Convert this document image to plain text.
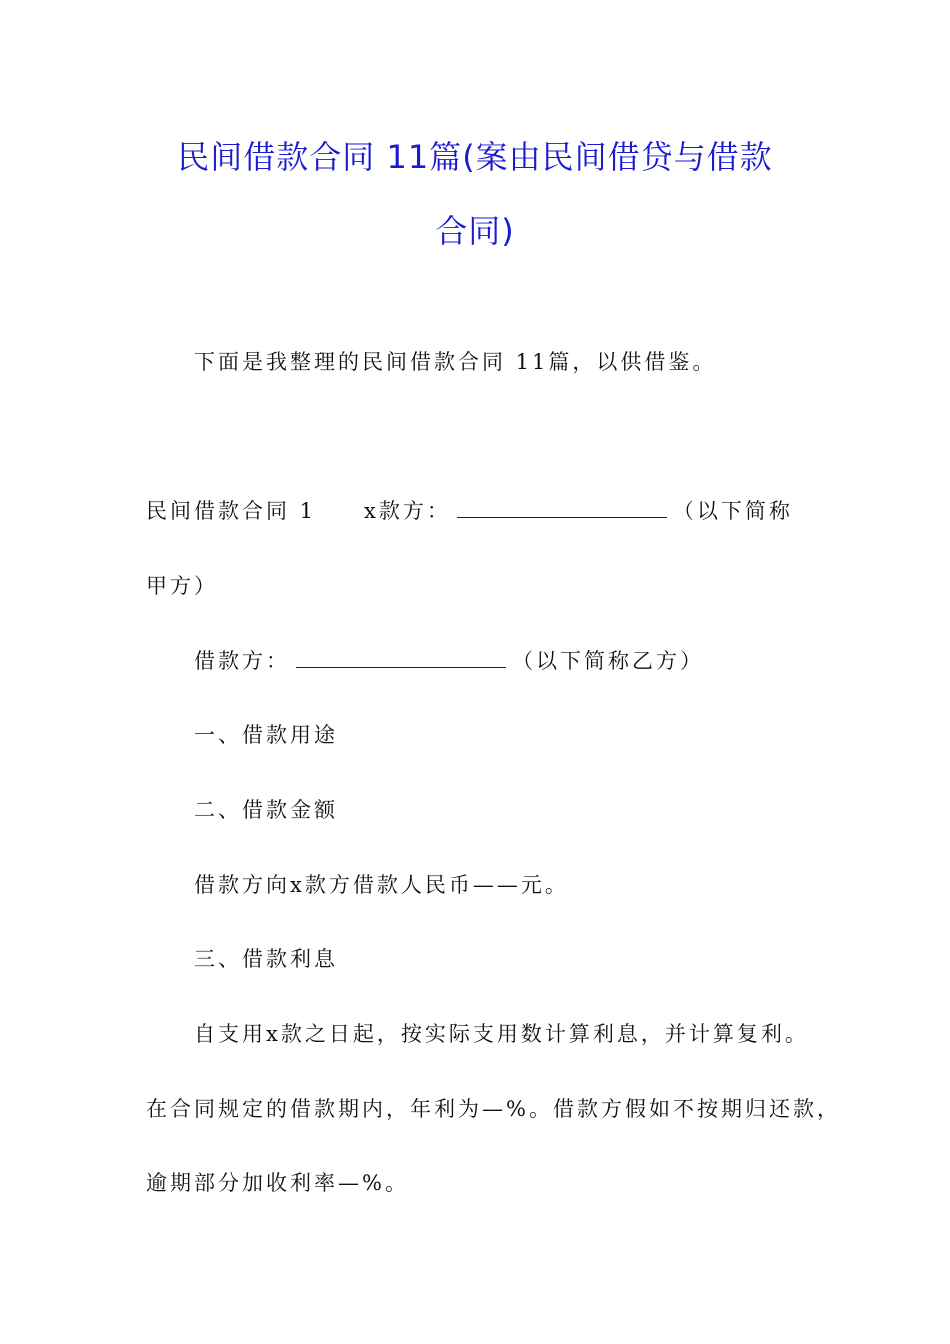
民间借款合同 11篇(案由民间借贷与借款
合同)
下面是我整理的民间借款合同 11篇，以供借鉴。
民间借款合同 1 x款方：	（以下简称
甲方）
借款方：	（以下简称乙方）
一、借款用途
二、借款金额
借款方向x款方借款人民币——元。
三、借款利息
自支用x款之日起，按实际支用数计算利息，并计算复利。
在合同规定的借款期内，年利为—%。借款方假如不按期归还款，
逾期部分加收利率—%。
